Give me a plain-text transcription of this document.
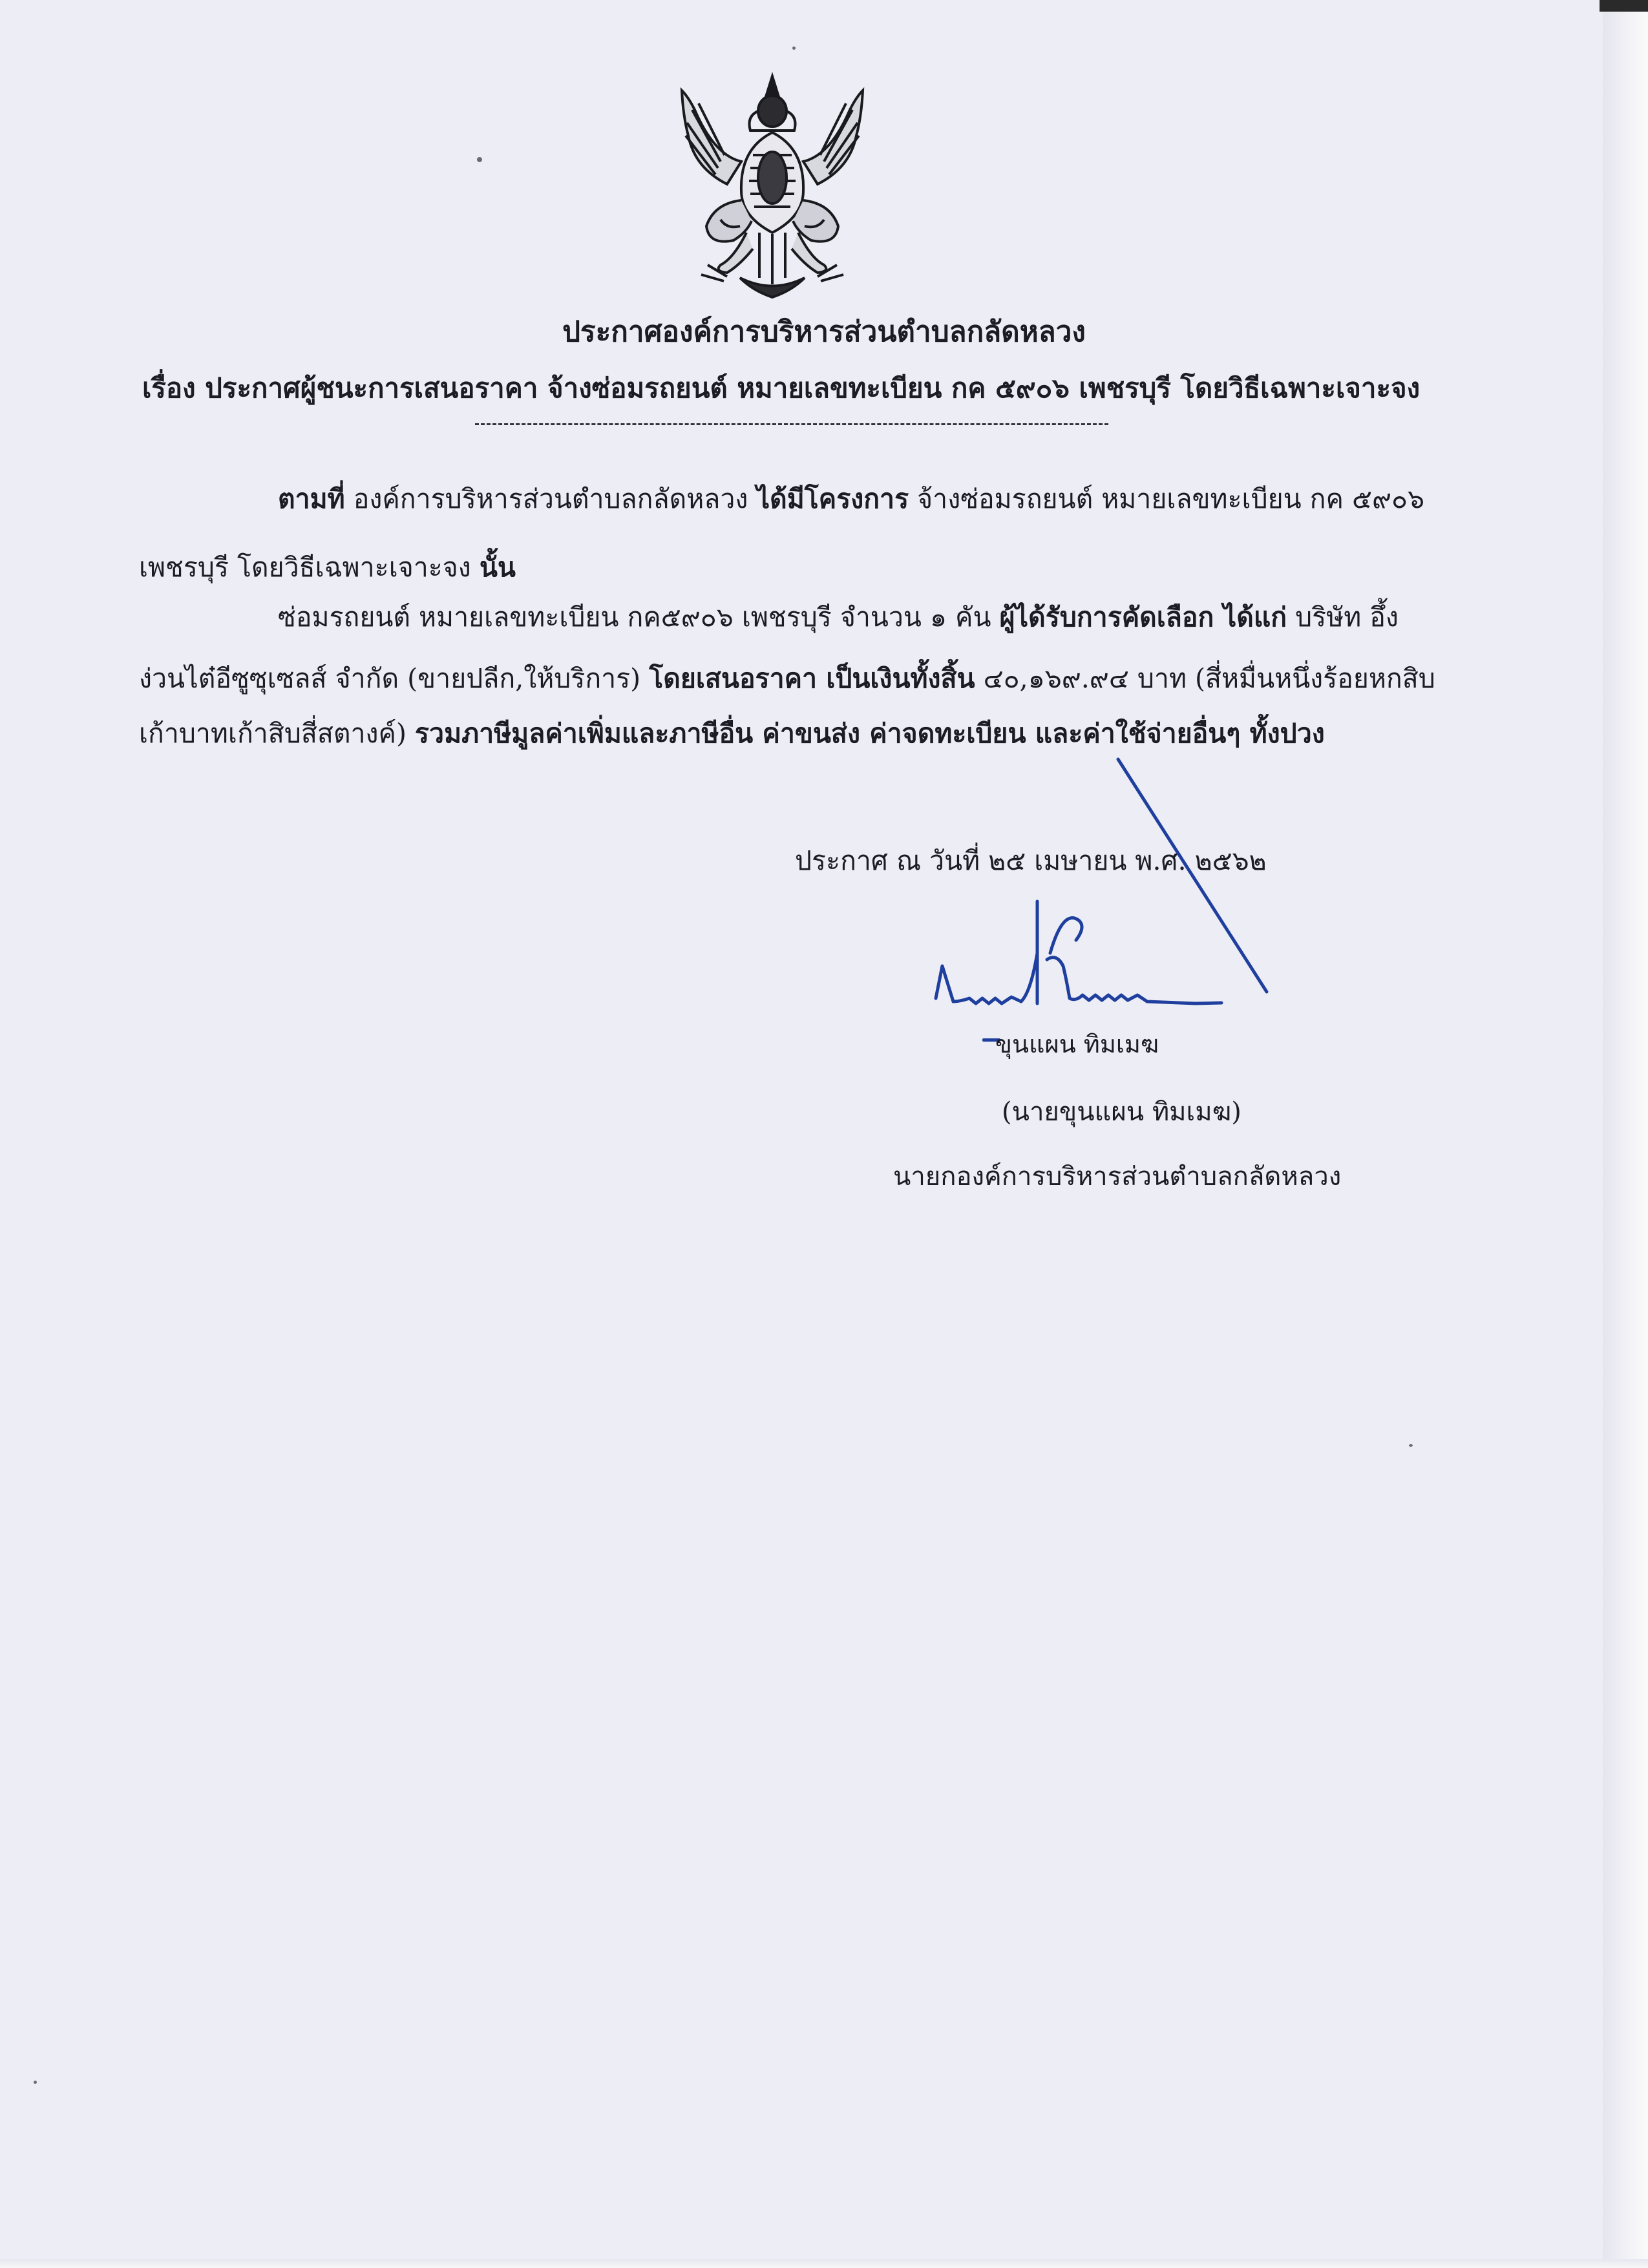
ประกาศองค์การบริหารส่วนตำบลกลัดหลวง
เรื่อง ประกาศผู้ชนะการเสนอราคา จ้างซ่อมรถยนต์ หมายเลขทะเบียน กค ๕๙๐๖ เพชรบุรี โดยวิธีเฉพาะเจาะจง
ตามที่ องค์การบริหารส่วนตำบลกลัดหลวง ได้มีโครงการ จ้างซ่อมรถยนต์ หมายเลขทะเบียน กค ๕๙๐๖
เพชรบุรี โดยวิธีเฉพาะเจาะจง นั้น
ซ่อมรถยนต์ หมายเลขทะเบียน กค๕๙๐๖ เพชรบุรี จำนวน ๑ คัน ผู้ได้รับการคัดเลือก ได้แก่ บริษัท อึ้ง
ง่วนไต๋อีซูซุเซลส์ จำกัด (ขายปลีก,ให้บริการ) โดยเสนอราคา เป็นเงินทั้งสิ้น ๔๐,๑๖๙.๙๔ บาท (สี่หมื่นหนึ่งร้อยหกสิบ
เก้าบาทเก้าสิบสี่สตางค์) รวมภาษีมูลค่าเพิ่มและภาษีอื่น ค่าขนส่ง ค่าจดทะเบียน และค่าใช้จ่ายอื่นๆ ทั้งปวง
ประกาศ ณ วันที่ ๒๕ เมษายน พ.ศ. ๒๕๖๒
ขุนแผน ทิมเมฆ
(นายขุนแผน ทิมเมฆ)
นายกองค์การบริหารส่วนตำบลกลัดหลวง
